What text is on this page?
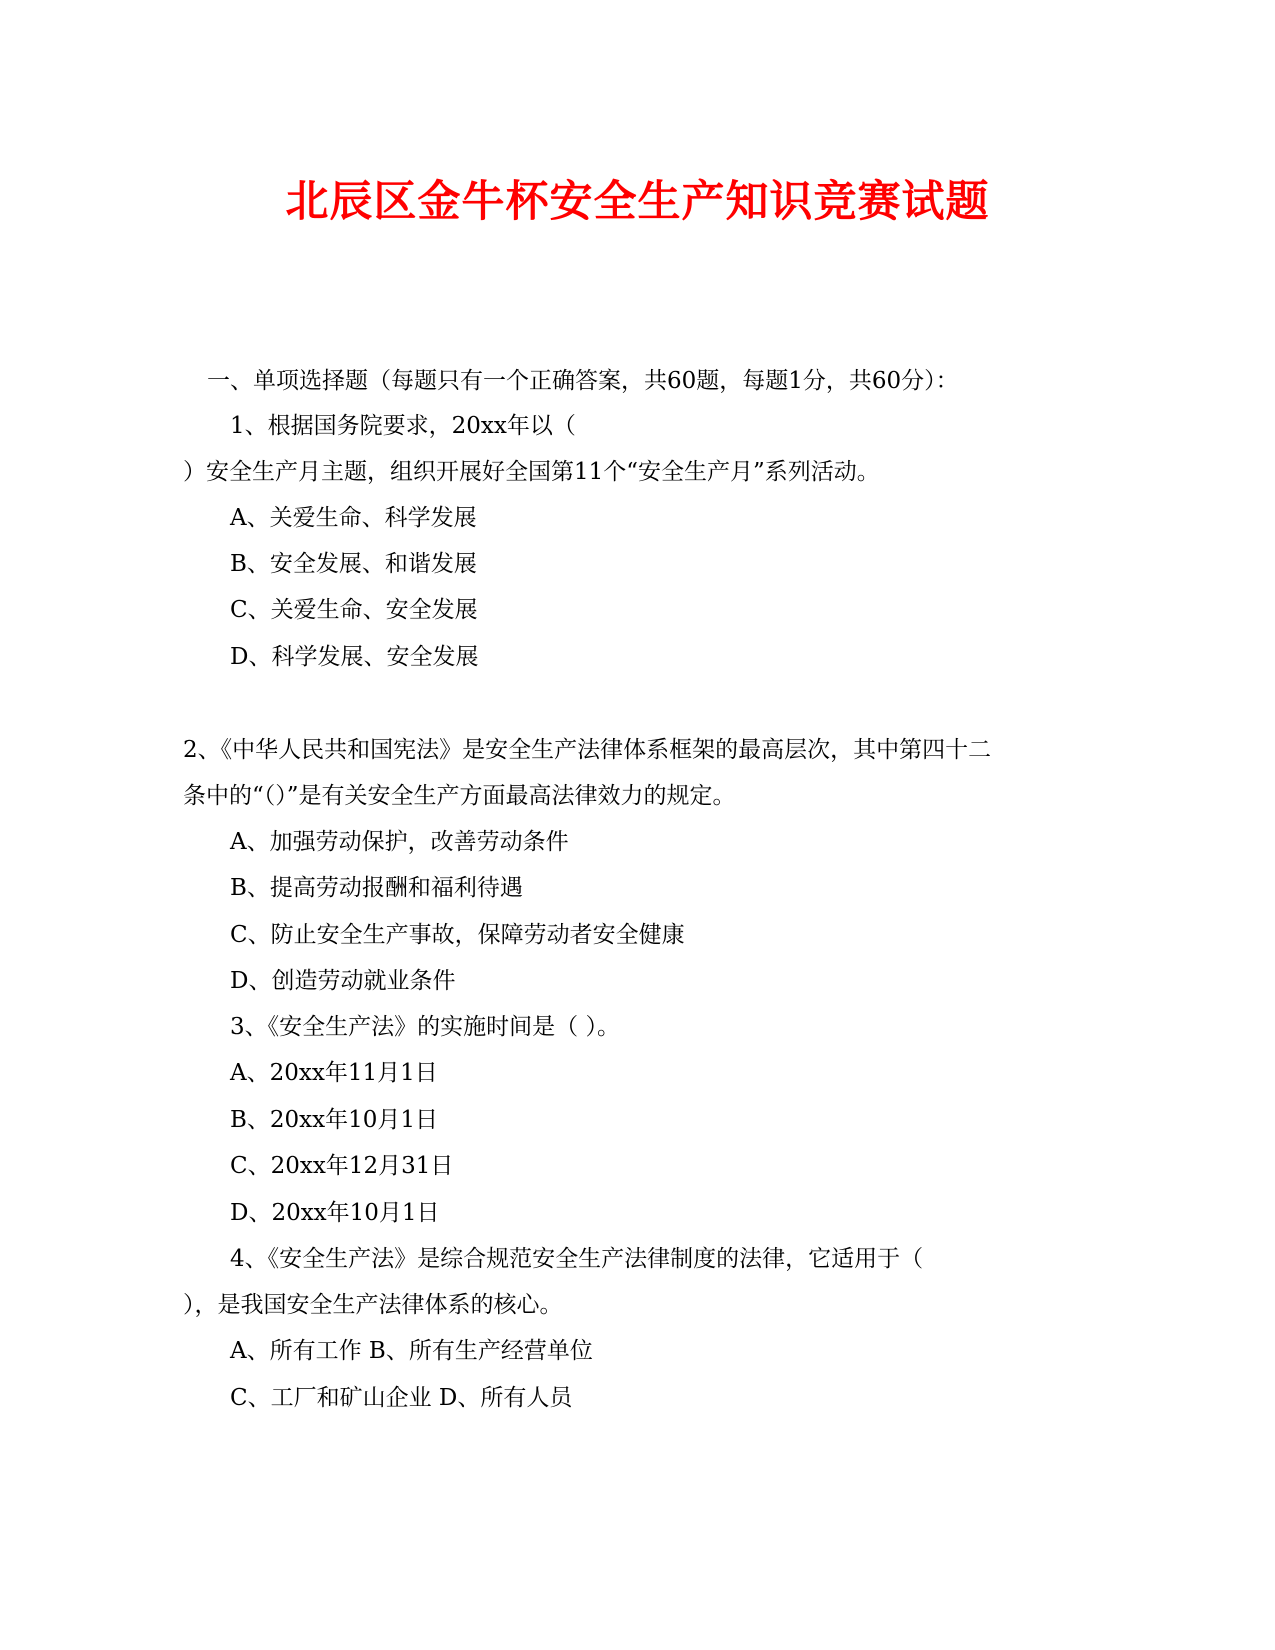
北辰区金牛杯安全生产知识竞赛试题
一、单项选择题（每题只有一个正确答案，共60题，每题1分，共60分）：
1、根据国务院要求，20xx年以（
）安全生产月主题，组织开展好全国第11个“安全生产月”系列活动。
A、关爱生命、科学发展
B、安全发展、和谐发展
C、关爱生命、安全发展
D、科学发展、安全发展
2、《中华人民共和国宪法》是安全生产法律体系框架的最高层次，其中第四十二
条中的“（）”是有关安全生产方面最高法律效力的规定。
A、加强劳动保护，改善劳动条件
B、提高劳动报酬和福利待遇
C、防止安全生产事故，保障劳动者安全健康
D、创造劳动就业条件
3、《安全生产法》的实施时间是（ ）。
A、20xx年11月1日
B、20xx年10月1日
C、20xx年12月31日
D、20xx年10月1日
4、《安全生产法》是综合规范安全生产法律制度的法律，它适用于（
），是我国安全生产法律体系的核心。
A、所有工作 B、所有生产经营单位
C、工厂和矿山企业 D、所有人员
